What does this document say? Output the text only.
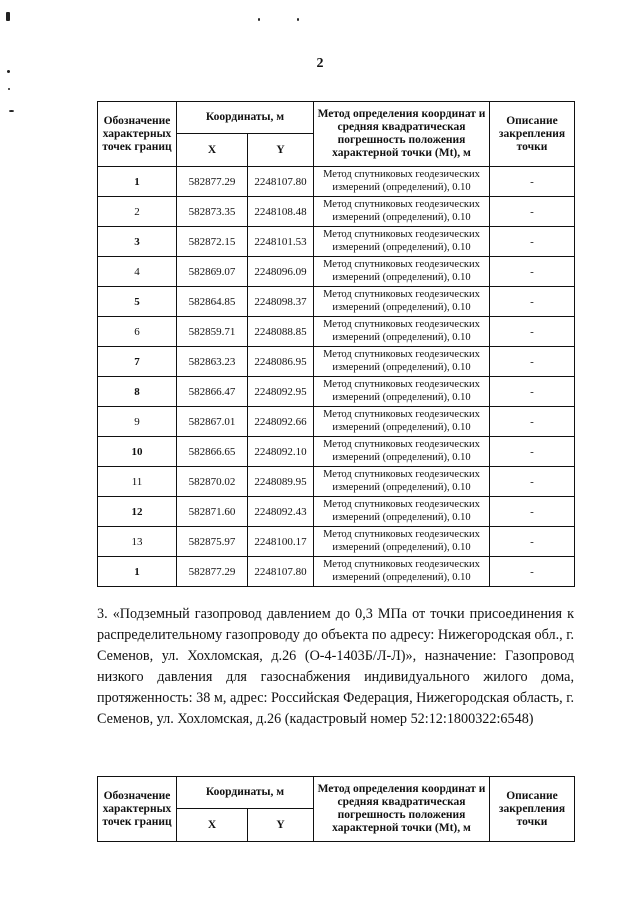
2
Обозначение характерных точек границ	Координаты, м		Метод определения координат и средняя квадратическая погрешность положения характерной точки (Mt), м	Описание закрепления точки
	X	Y		
1	582877.29	2248107.80	Метод спутниковых геодезических измерений (определений), 0.10	-
2	582873.35	2248108.48	Метод спутниковых геодезических измерений (определений), 0.10	-
3	582872.15	2248101.53	Метод спутниковых геодезических измерений (определений), 0.10	-
4	582869.07	2248096.09	Метод спутниковых геодезических измерений (определений), 0.10	-
5	582864.85	2248098.37	Метод спутниковых геодезических измерений (определений), 0.10	-
6	582859.71	2248088.85	Метод спутниковых геодезических измерений (определений), 0.10	-
7	582863.23	2248086.95	Метод спутниковых геодезических измерений (определений), 0.10	-
8	582866.47	2248092.95	Метод спутниковых геодезических измерений (определений), 0.10	-
9	582867.01	2248092.66	Метод спутниковых геодезических измерений (определений), 0.10	-
10	582866.65	2248092.10	Метод спутниковых геодезических измерений (определений), 0.10	-
11	582870.02	2248089.95	Метод спутниковых геодезических измерений (определений), 0.10	-
12	582871.60	2248092.43	Метод спутниковых геодезических измерений (определений), 0.10	-
13	582875.97	2248100.17	Метод спутниковых геодезических измерений (определений), 0.10	-
1	582877.29	2248107.80	Метод спутниковых геодезических измерений (определений), 0.10	-
3. «Подземный газопровод давлением до 0,3 МПа от точки присоединения к распределительному газопроводу до объекта по адресу: Нижегородская обл., г. Семенов, ул. Хохломская, д.26 (О-4-1403Б/Л-Л)», назначение: Газопровод низкого давления для газоснабжения индивидуального жилого дома, протяженность: 38 м, адрес: Российская Федерация, Нижегородская область, г. Семенов, ул. Хохломская, д.26 (кадастровый номер 52:12:1800322:6548)
Обозначение характерных точек границ	Координаты, м		Метод определения координат и средняя квадратическая погрешность положения характерной точки (Mt), м	Описание закрепления точки
	X	Y		
